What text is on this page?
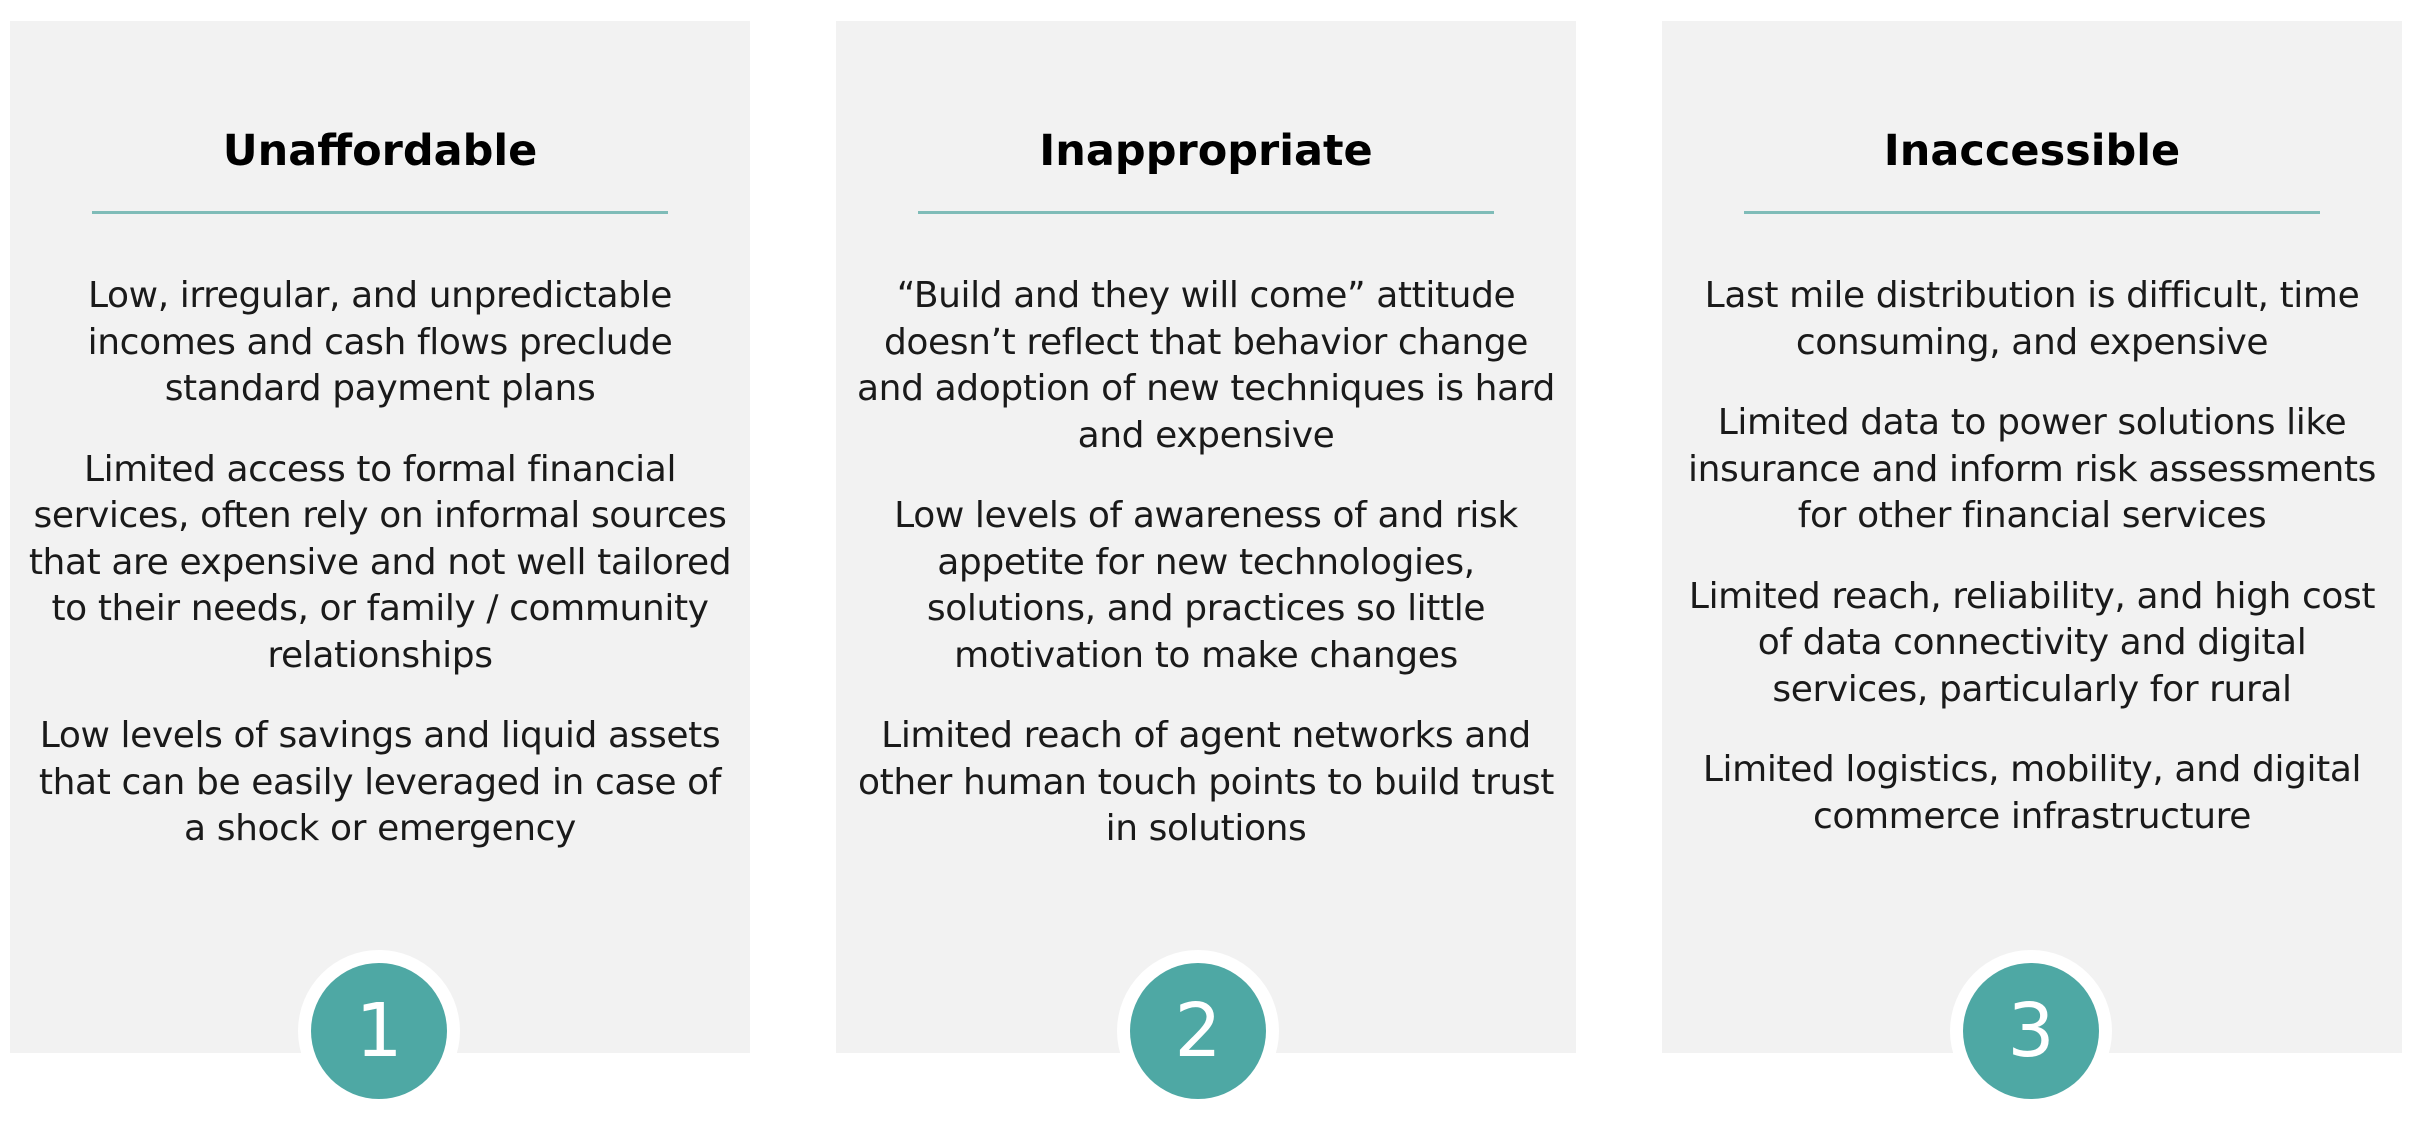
Unaffordable

Low, irregular, and unpredictable incomes and cash flows preclude standard payment plans

Limited access to formal financial services, often rely on informal sources that are expensive and not well tailored to their needs, or family / community relationships

Low levels of savings and liquid assets that can be easily leveraged in case of a shock or emergency

1
Inappropriate

“Build and they will come” attitude doesn’t reflect that behavior change and adoption of new techniques is hard and expensive

Low levels of awareness of and risk appetite for new technologies, solutions, and practices so little motivation to make changes

Limited reach of agent networks and other human touch points to build trust in solutions

2
Inaccessible

Last mile distribution is difficult, time consuming, and expensive

Limited data to power solutions like insurance and inform risk assessments for other financial services

Limited reach, reliability, and high cost of data connectivity and digital services, particularly for rural

Limited logistics, mobility, and digital commerce infrastructure

3
